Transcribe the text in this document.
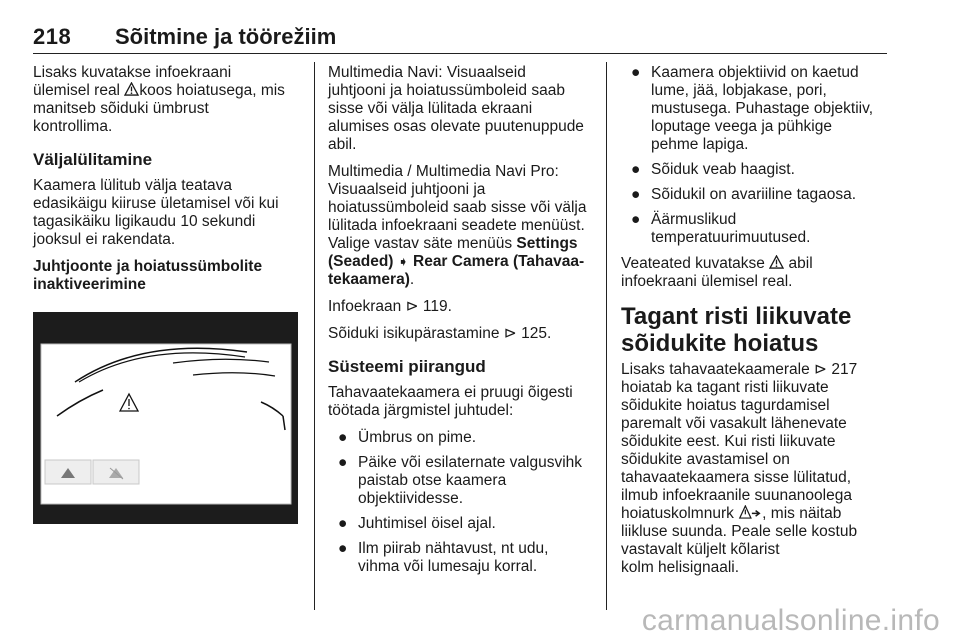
218 Sõitmine ja töörežiim

Lisaks kuvatakse infoekraani
ülemisel real koos hoiatusega, mis
manitseb sõiduki ümbrust
kontrollima.

Väljalülitamine

Kaamera lülitub välja teatava
edasikäigu kiiruse ületamisel või kui
tagasikäiku ligikaudu 10 sekundi
jooksul ei rakendata.

Juhtjoonte ja hoiatussümbolite
inaktiveerimine

Multimedia Navi: Visuaalseid
juhtjooni ja hoiatussümboleid saab
sisse või välja lülitada ekraani
alumises osas olevate puutenuppude
abil.

Multimedia / Multimedia Navi Pro:
Visuaalseid juhtjooni ja
hoiatussümboleid saab sisse või välja
lülitada infoekraani seadete menüüst.
Valige vastav säte menüüs Settings
(Seaded) ➧ Rear Camera (Tahavaa-
tekaamera).

Infoekraan ⊳ 119.

Sõiduki isikupärastamine ⊳ 125.

Süsteemi piirangud

Tahavaatekaamera ei pruugi õigesti
töötada järgmistel juhtudel:

● Ümbrus on pime.
● Päike või esilaternate valgusvihk
paistab otse kaamera
objektiividesse.
● Juhtimisel öisel ajal.
● Ilm piirab nähtavust, nt udu,
vihma või lumesaju korral.
● Kaamera objektiivid on kaetud
lume, jää, lobjakase, pori,
mustusega. Puhastage objektiiv,
loputage veega ja pühkige
pehme lapiga.
● Sõiduk veab haagist.
● Sõidukil on avariiline tagaosa.
● Äärmuslikud
temperatuurimuutused.

Veateated kuvatakse abil
infoekraani ülemisel real.

Tagant risti liikuvate
sõidukite hoiatus

Lisaks tahavaatekaamerale ⊳ 217
hoiatab ka tagant risti liikuvate
sõidukite hoiatus tagurdamisel
paremalt või vasakult lähenevate
sõidukite eest. Kui risti liikuvate
sõidukite avastamisel on
tahavaatekaamera sisse lülitatud,
ilmub infoekraanile suunanoolega
hoiatuskolmnurk , mis näitab
liikluse suunda. Peale selle kostub
vastavalt küljelt kõlarist
kolm helisignaali.

carmanualsonline.info
